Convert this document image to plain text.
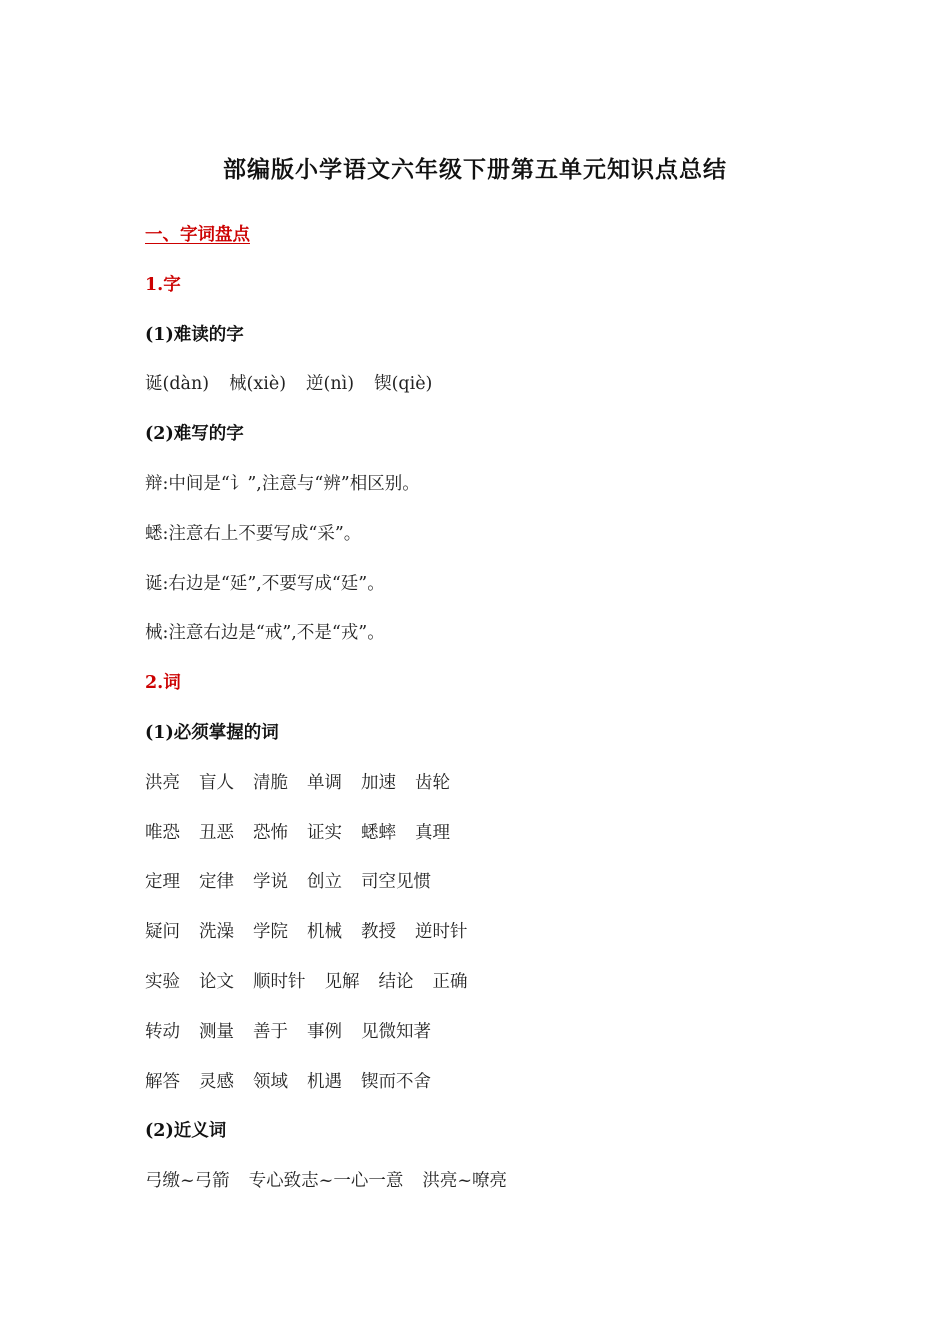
部编版小学语文六年级下册第五单元知识点总结
一、字词盘点
1.字
(1)难读的字
诞(dàn) 械(xiè) 逆(nì) 锲(qiè)
(2)难写的字
辩:中间是“讠”,注意与“辨”相区别。
蟋:注意右上不要写成“采”。
诞:右边是“延”,不要写成“廷”。
械:注意右边是“戒”,不是“戎”。
2.词
(1)必须掌握的词
洪亮 盲人 清脆 单调 加速 齿轮
唯恐 丑恶 恐怖 证实 蟋蟀 真理
定理 定律 学说 创立 司空见惯
疑问 洗澡 学院 机械 教授 逆时针
实验 论文 顺时针 见解 结论 正确
转动 测量 善于 事例 见微知著
解答 灵感 领域 机遇 锲而不舍
(2)近义词
弓缴~弓箭 专心致志~一心一意 洪亮~嘹亮
